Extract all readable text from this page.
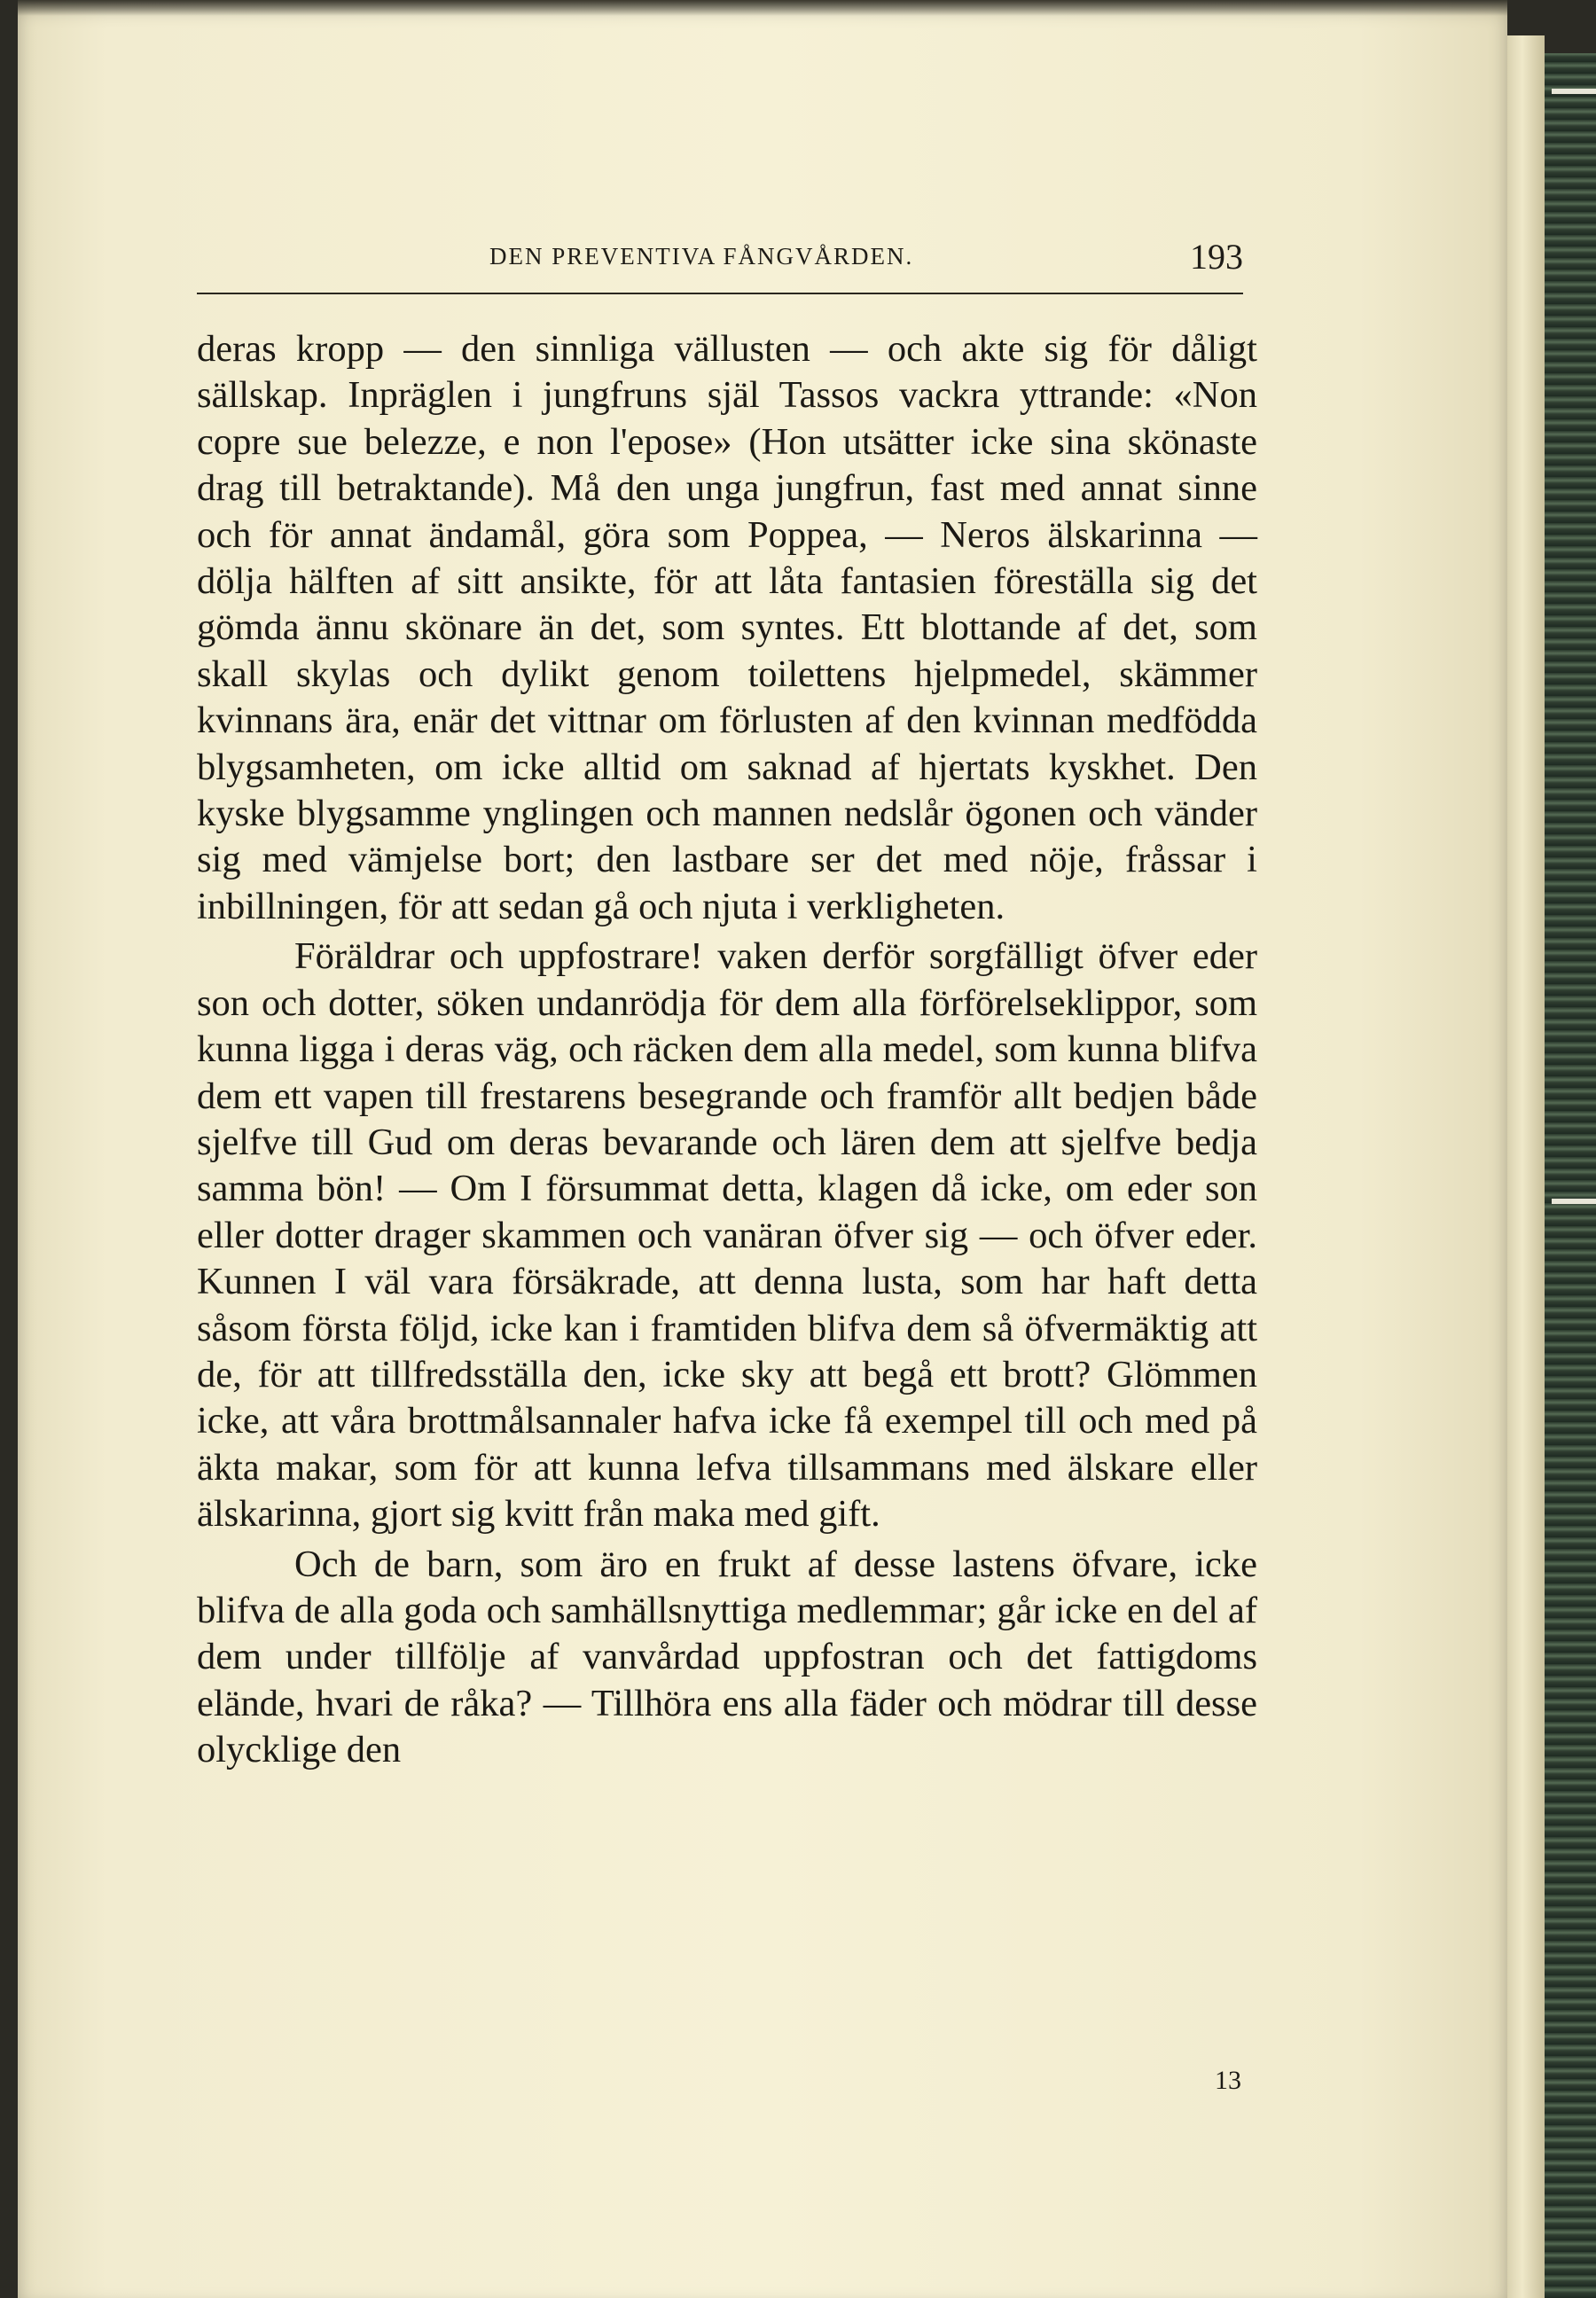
DEN PREVENTIVA FÅNGVÅRDEN.	193

deras kropp — den sinnliga vällusten — och akte sig för dåligt sällskap. Inpräglen i jungfruns själ Tassos vackra yttrande: «Non copre sue belezze, e non l'epose» (Hon utsätter icke sina skönaste drag till betraktande). Må den unga jungfrun, fast med annat sinne och för annat ändamål, göra som Poppea, — Neros älskarinna — dölja hälften af sitt ansikte, för att låta fantasien föreställa sig det gömda ännu skönare än det, som syntes. Ett blottande af det, som skall skylas och dylikt genom toilettens hjelpmedel, skämmer kvinnans ära, enär det vittnar om förlusten af den kvinnan medfödda blygsamheten, om icke alltid om saknad af hjertats kyskhet. Den kyske blygsamme ynglingen och mannen nedslår ögonen och vänder sig med vämjelse bort; den lastbare ser det med nöje, fråssar i inbillningen, för att sedan gå och njuta i verkligheten.

Föräldrar och uppfostrare! vaken derför sorgfälligt öfver eder son och dotter, söken undanrödja för dem alla förförelseklippor, som kunna ligga i deras väg, och räcken dem alla medel, som kunna blifva dem ett vapen till frestarens besegrande och framför allt bedjen både sjelfve till Gud om deras bevarande och lären dem att sjelfve bedja samma bön! — Om I försummat detta, klagen då icke, om eder son eller dotter drager skammen och vanäran öfver sig — och öfver eder. Kunnen I väl vara försäkrade, att denna lusta, som har haft detta såsom första följd, icke kan i framtiden blifva dem så öfvermäktig att de, för att tillfredsställa den, icke sky att begå ett brott? Glömmen icke, att våra brottmålsannaler hafva icke få exempel till och med på äkta makar, som för att kunna lefva tillsammans med älskare eller älskarinna, gjort sig kvitt från maka med gift.

Och de barn, som äro en frukt af desse lastens öfvare, icke blifva de alla goda och samhällsnyttiga medlemmar; går icke en del af dem under tillfölje af vanvårdad uppfostran och det fattigdoms elände, hvari de råka? — Tillhöra ens alla fäder och mödrar till desse olycklige den

13
